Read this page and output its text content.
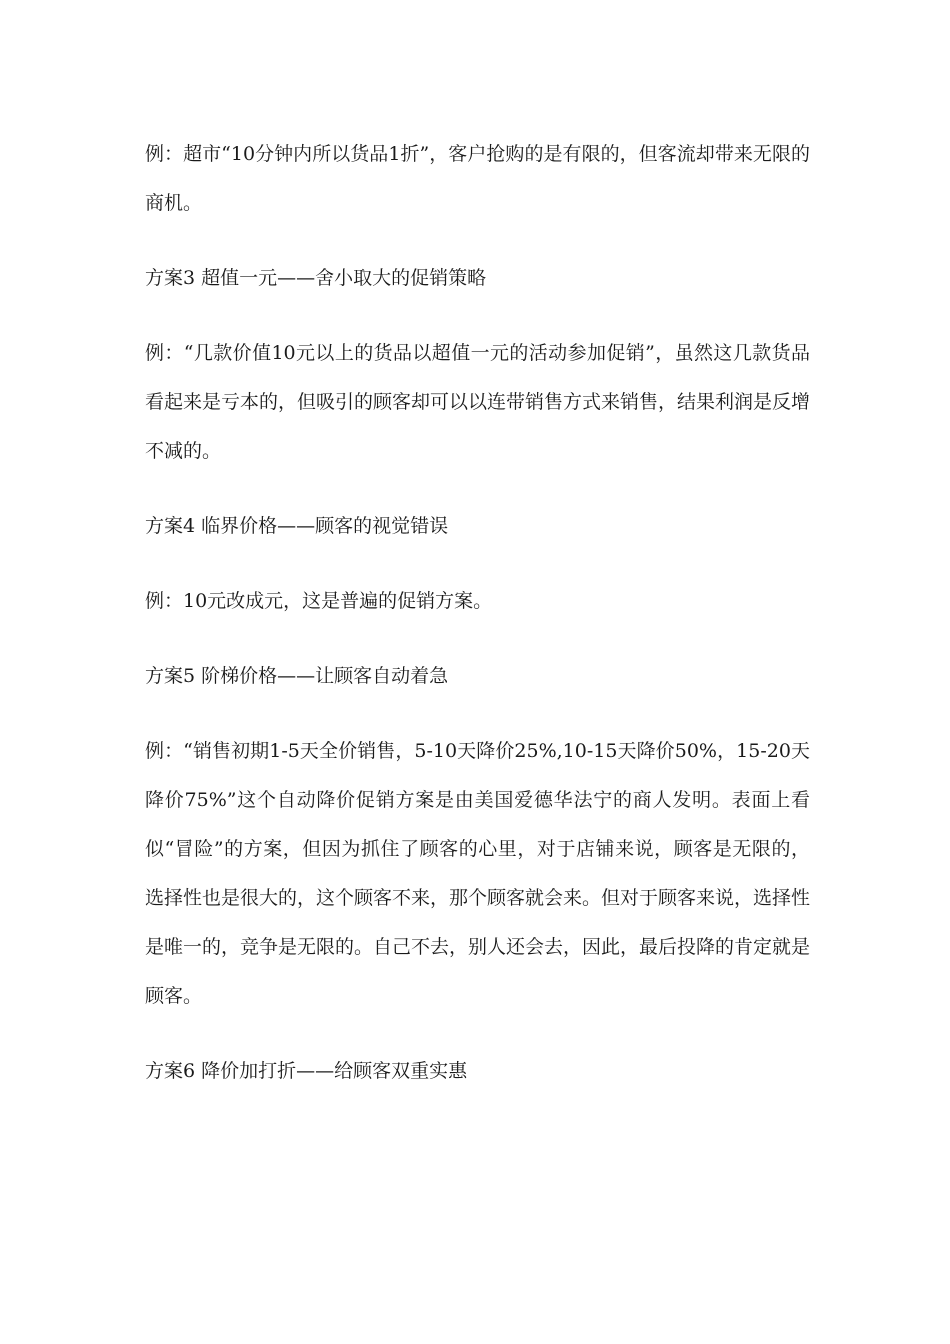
例：超市“10分钟内所以货品1折”，客户抢购的是有限的，但客流却带来无限的商机。

方案3 超值一元——舍小取大的促销策略

例：“几款价值10元以上的货品以超值一元的活动参加促销”，虽然这几款货品看起来是亏本的，但吸引的顾客却可以以连带销售方式来销售，结果利润是反增不减的。

方案4 临界价格——顾客的视觉错误

例：10元改成元，这是普遍的促销方案。

方案5 阶梯价格——让顾客自动着急

例：“销售初期1-5天全价销售，5-10天降价25%,10-15天降价50%，15-20天降价75%”这个自动降价促销方案是由美国爱德华法宁的商人发明。表面上看似“冒险”的方案，但因为抓住了顾客的心里，对于店铺来说，顾客是无限的，选择性也是很大的，这个顾客不来，那个顾客就会来。但对于顾客来说，选择性是唯一的，竞争是无限的。自己不去，别人还会去，因此，最后投降的肯定就是顾客。

方案6 降价加打折——给顾客双重实惠
